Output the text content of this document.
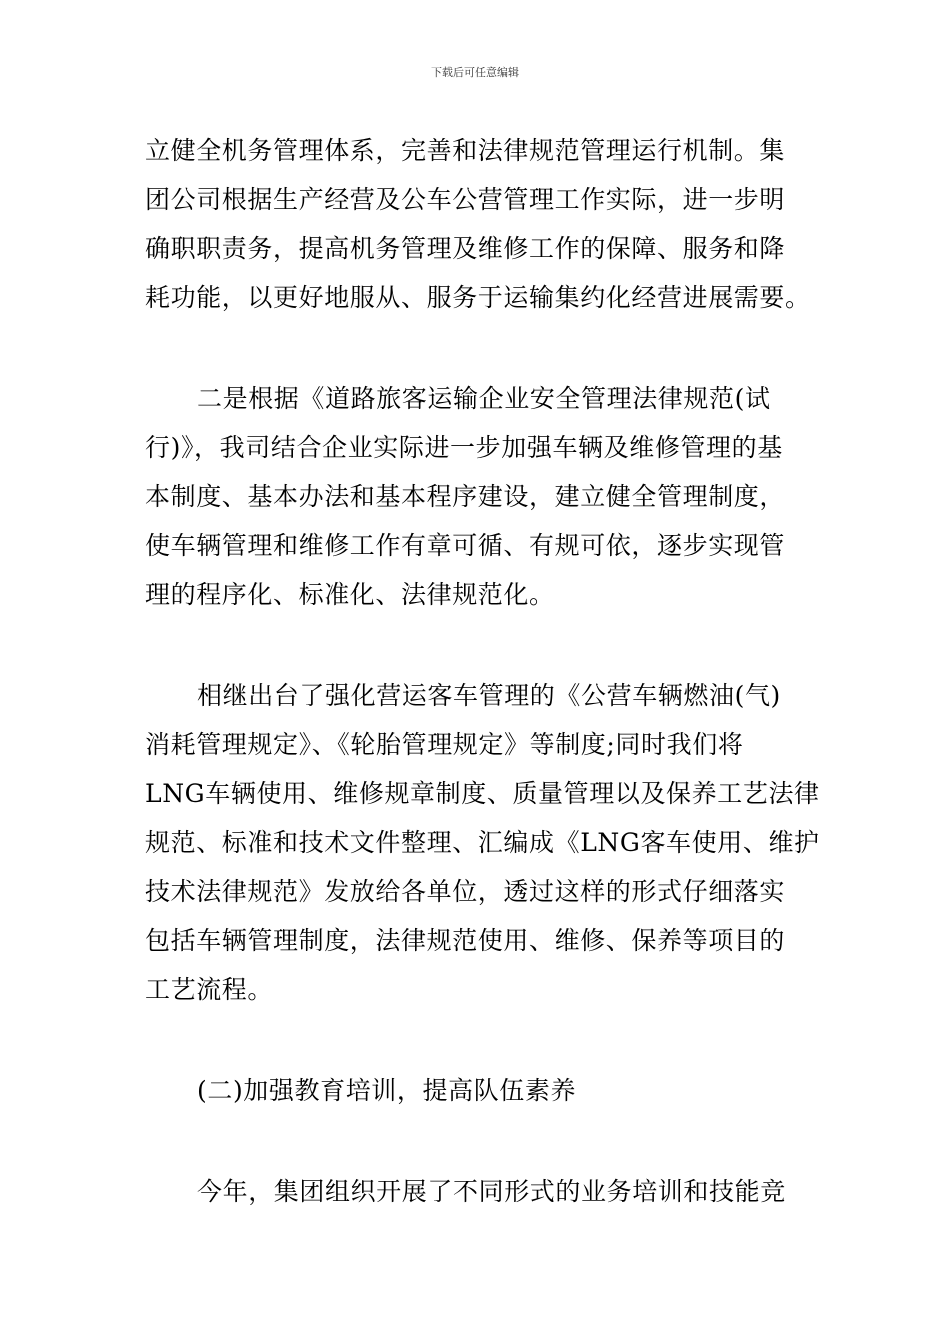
下载后可任意编辑
立健全机务管理体系，完善和法律规范管理运行机制。集
团公司根据生产经营及公车公营管理工作实际，进一步明
确职职责务，提高机务管理及维修工作的保障、服务和降
耗功能，以更好地服从、服务于运输集约化经营进展需要。
二是根据《道路旅客运输企业安全管理法律规范(试
行)》，我司结合企业实际进一步加强车辆及维修管理的基
本制度、基本办法和基本程序建设，建立健全管理制度，
使车辆管理和维修工作有章可循、有规可依，逐步实现管
理的程序化、标准化、法律规范化。
相继出台了强化营运客车管理的《公营车辆燃油(气)
消耗管理规定》、《轮胎管理规定》等制度;同时我们将
LNG车辆使用、维修规章制度、质量管理以及保养工艺法律
规范、标准和技术文件整理、汇编成《LNG客车使用、维护
技术法律规范》发放给各单位，透过这样的形式仔细落实
包括车辆管理制度，法律规范使用、维修、保养等项目的
工艺流程。
(二)加强教育培训，提高队伍素养
今年，集团组织开展了不同形式的业务培训和技能竞
